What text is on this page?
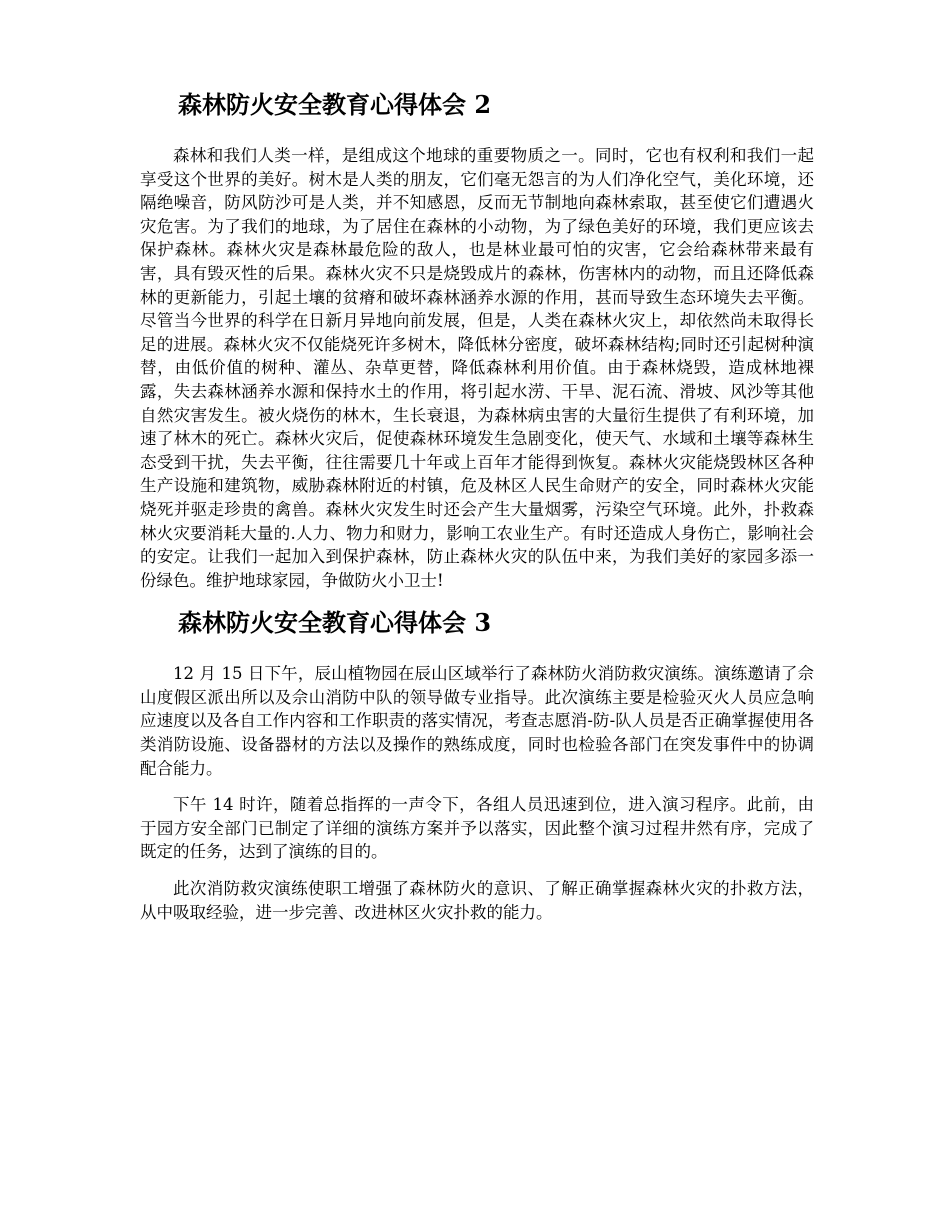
森林防火安全教育心得体会 2

森林和我们人类一样，是组成这个地球的重要物质之一。同时，它也有权利和我们一起享受这个世界的美好。树木是人类的朋友，它们毫无怨言的为人们净化空气，美化环境，还隔绝噪音，防风防沙可是人类，并不知感恩，反而无节制地向森林索取，甚至使它们遭遇火灾危害。为了我们的地球，为了居住在森林的小动物，为了绿色美好的环境，我们更应该去保护森林。森林火灾是森林最危险的敌人，也是林业最可怕的灾害，它会给森林带来最有害，具有毁灭性的后果。森林火灾不只是烧毁成片的森林，伤害林内的动物，而且还降低森林的更新能力，引起土壤的贫瘠和破坏森林涵养水源的作用，甚而导致生态环境失去平衡。尽管当今世界的科学在日新月异地向前发展，但是，人类在森林火灾上，却依然尚未取得长足的进展。森林火灾不仅能烧死许多树木，降低林分密度，破坏森林结构;同时还引起树种演替，由低价值的树种、灌丛、杂草更替，降低森林利用价值。由于森林烧毁，造成林地裸露，失去森林涵养水源和保持水土的作用，将引起水涝、干旱、泥石流、滑坡、风沙等其他自然灾害发生。被火烧伤的林木，生长衰退，为森林病虫害的大量衍生提供了有利环境，加速了林木的死亡。森林火灾后，促使森林环境发生急剧变化，使天气、水域和土壤等森林生态受到干扰，失去平衡，往往需要几十年或上百年才能得到恢复。森林火灾能烧毁林区各种生产设施和建筑物，威胁森林附近的村镇，危及林区人民生命财产的安全，同时森林火灾能烧死并驱走珍贵的禽兽。森林火灾发生时还会产生大量烟雾，污染空气环境。此外，扑救森林火灾要消耗大量的.人力、物力和财力，影响工农业生产。有时还造成人身伤亡，影响社会的安定。让我们一起加入到保护森林，防止森林火灾的队伍中来，为我们美好的家园多添一份绿色。维护地球家园，争做防火小卫士!

森林防火安全教育心得体会 3

12 月 15 日下午，辰山植物园在辰山区域举行了森林防火消防救灾演练。演练邀请了佘山度假区派出所以及佘山消防中队的领导做专业指导。此次演练主要是检验灭火人员应急响应速度以及各自工作内容和工作职责的落实情况，考查志愿消-防-队人员是否正确掌握使用各类消防设施、设备器材的方法以及操作的熟练成度，同时也检验各部门在突发事件中的协调配合能力。

下午 14 时许，随着总指挥的一声令下，各组人员迅速到位，进入演习程序。此前，由于园方安全部门已制定了详细的演练方案并予以落实，因此整个演习过程井然有序，完成了既定的任务，达到了演练的目的。

此次消防救灾演练使职工增强了森林防火的意识、了解正确掌握森林火灾的扑救方法，从中吸取经验，进一步完善、改进林区火灾扑救的能力。
